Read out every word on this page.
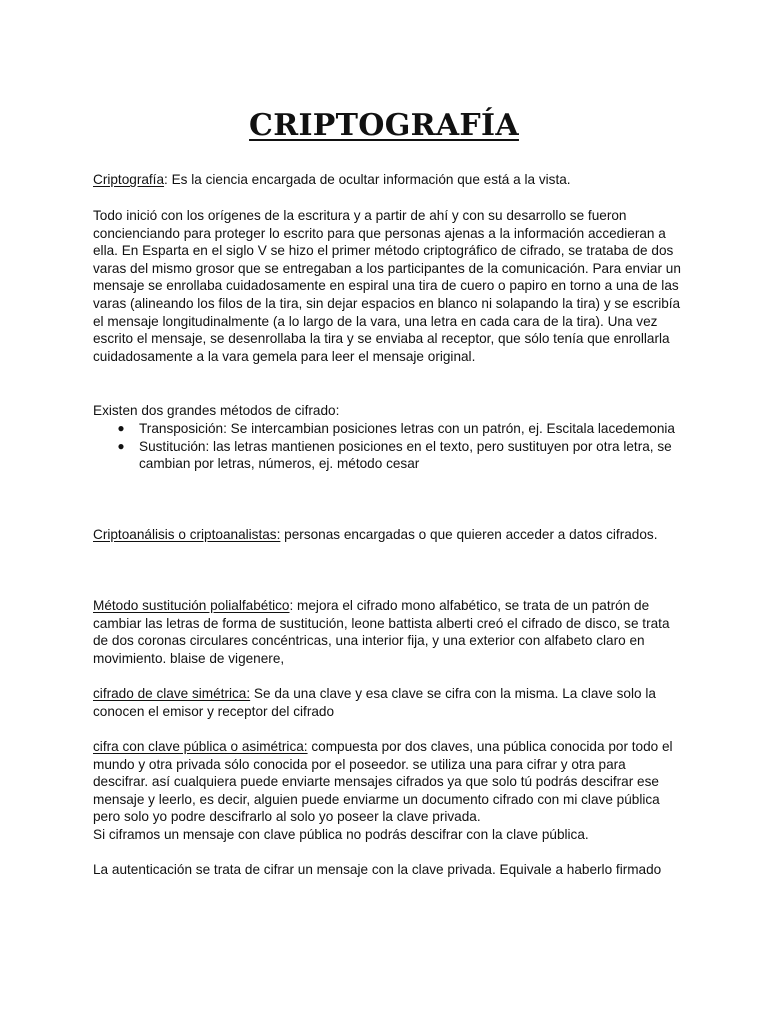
CRIPTOGRAFÍA

Criptografía: Es la ciencia encargada de ocultar información que está a la vista.

Todo inició con los orígenes de la escritura y a partir de ahí y con su desarrollo se fueron concienciando para proteger lo escrito para que personas ajenas a la información accedieran a ella. En Esparta en el siglo V se hizo el primer método criptográfico de cifrado, se trataba de dos varas del mismo grosor que se entregaban a los participantes de la comunicación. Para enviar un mensaje se enrollaba cuidadosamente en espiral una tira de cuero o papiro en torno a una de las varas (alineando los filos de la tira, sin dejar espacios en blanco ni solapando la tira) y se escribía el mensaje longitudinalmente (a lo largo de la vara, una letra en cada cara de la tira). Una vez escrito el mensaje, se desenrollaba la tira y se enviaba al receptor, que sólo tenía que enrollarla cuidadosamente a la vara gemela para leer el mensaje original.

Existen dos grandes métodos de cifrado:

● Transposición: Se intercambian posiciones letras con un patrón, ej. Escitala lacedemonia
● Sustitución: las letras mantienen posiciones en el texto, pero sustituyen por otra letra, se cambian por letras, números, ej. método cesar

Criptoanálisis o criptoanalistas: personas encargadas o que quieren acceder a datos cifrados.

Método sustitución polialfabético: mejora el cifrado mono alfabético, se trata de un patrón de cambiar las letras de forma de sustitución, leone battista alberti creó el cifrado de disco, se trata de dos coronas circulares concéntricas, una interior fija, y una exterior con alfabeto claro en movimiento. blaise de vigenere,

cifrado de clave simétrica: Se da una clave y esa clave se cifra con la misma. La clave solo la conocen el emisor y receptor del cifrado

cifra con clave pública o asimétrica: compuesta por dos claves, una pública conocida por todo el mundo y otra privada sólo conocida por el poseedor. se utiliza una para cifrar y otra para descifrar. así cualquiera puede enviarte mensajes cifrados ya que solo tú podrás descifrar ese mensaje y leerlo, es decir, alguien puede enviarme un documento cifrado con mi clave pública pero solo yo podre descifrarlo al solo yo poseer la clave privada.
Si ciframos un mensaje con clave pública no podrás descifrar con la clave pública.

La autenticación se trata de cifrar un mensaje con la clave privada. Equivale a haberlo firmado
